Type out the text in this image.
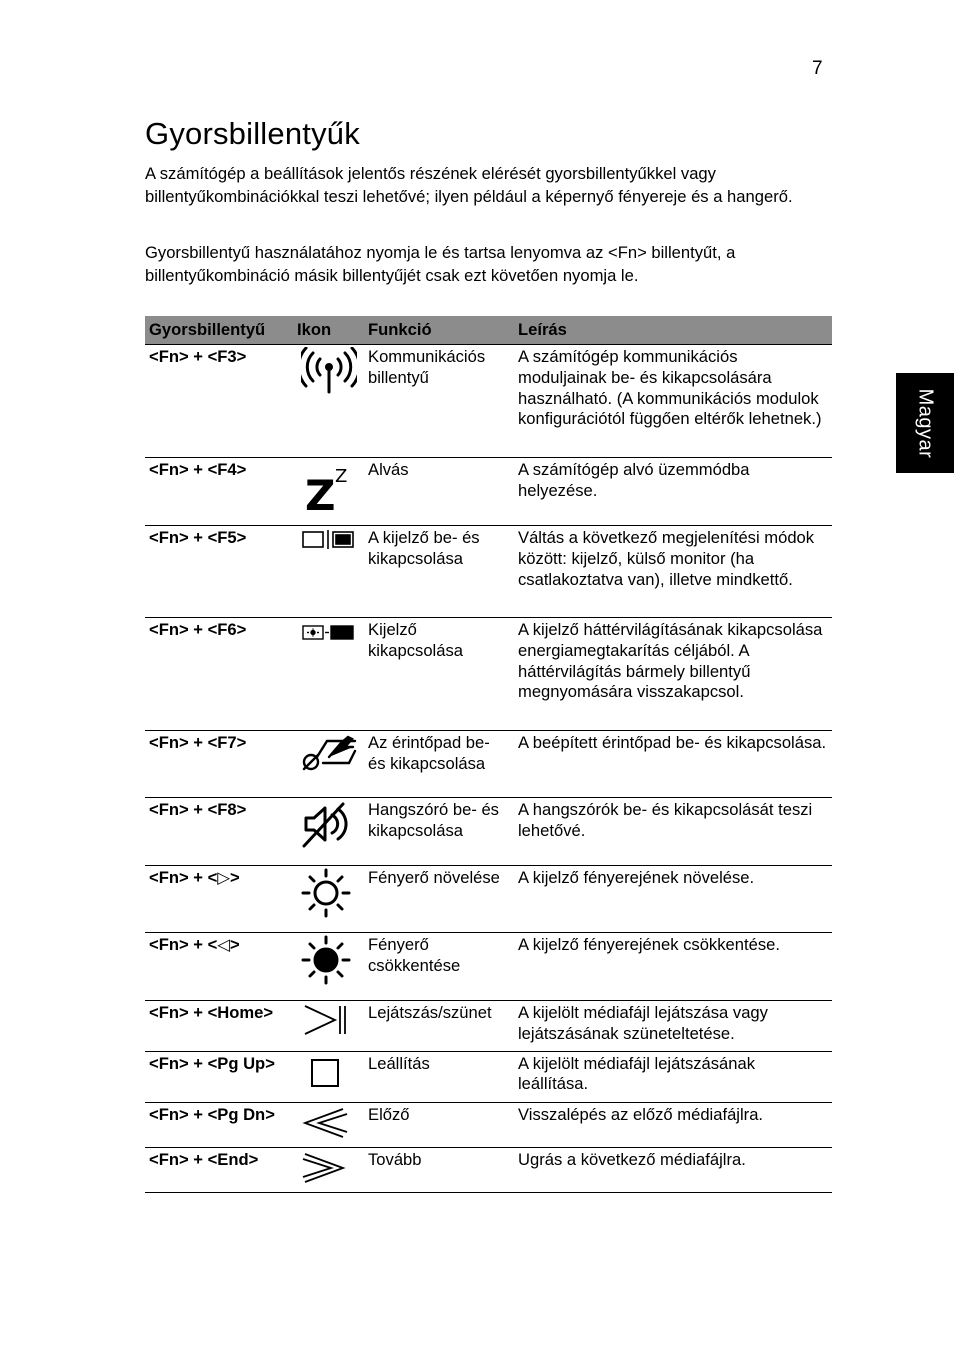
7
Gyorsbillentyűk

A számítógép a beállítások jelentős részének elérését gyorsbillentyűkkel vagy billentyűkombinációkkal teszi lehetővé; ilyen például a képernyő fényereje és a hangerő.

Gyorsbillentyű használatához nyomja le és tartsa lenyomva az <Fn> billentyűt, a billentyűkombináció másik billentyűjét csak ezt követően nyomja le.

Magyar
Gyorsbillentyű	Ikon	Funkció	Leírás
<Fn> + <F3>		Kommunikációs billentyű	A számítógép kommunikációs moduljainak be- és kikapcsolására használható. (A kommunikációs modulok konfigurációtól függően eltérők lehetnek.)
<Fn> + <F4>	Z Z	Alvás	A számítógép alvó üzemmódba helyezése.
<Fn> + <F5>		A kijelző be- és kikapcsolása	Váltás a következő megjelenítési módok között: kijelző, külső monitor (ha csatlakoztatva van), illetve mindkettő.
<Fn> + <F6>		Kijelző kikapcsolása	A kijelző háttérvilágításának kikapcsolása energiamegtakarítás céljából. A háttérvilágítás bármely billentyű megnyomására visszakapcsol.
<Fn> + <F7>		Az érintőpad be- és kikapcsolása	A beépített érintőpad be- és kikapcsolása.
<Fn> + <F8>		Hangszóró be- és kikapcsolása	A hangszórók be- és kikapcsolását teszi lehetővé.
<Fn> + <▷>		Fényerő növelése	A kijelző fényerejének növelése.
<Fn> + <◁>		Fényerő csökkentése	A kijelző fényerejének csökkentése.
<Fn> + <Home>		Lejátszás/szünet	A kijelölt médiafájl lejátszása vagy lejátszásának szüneteltetése.
<Fn> + <Pg Up>		Leállítás	A kijelölt médiafájl lejátszásának leállítása.
<Fn> + <Pg Dn>		Előző	Visszalépés az előző médiafájlra.
<Fn> + <End>		Tovább	Ugrás a következő médiafájlra.
